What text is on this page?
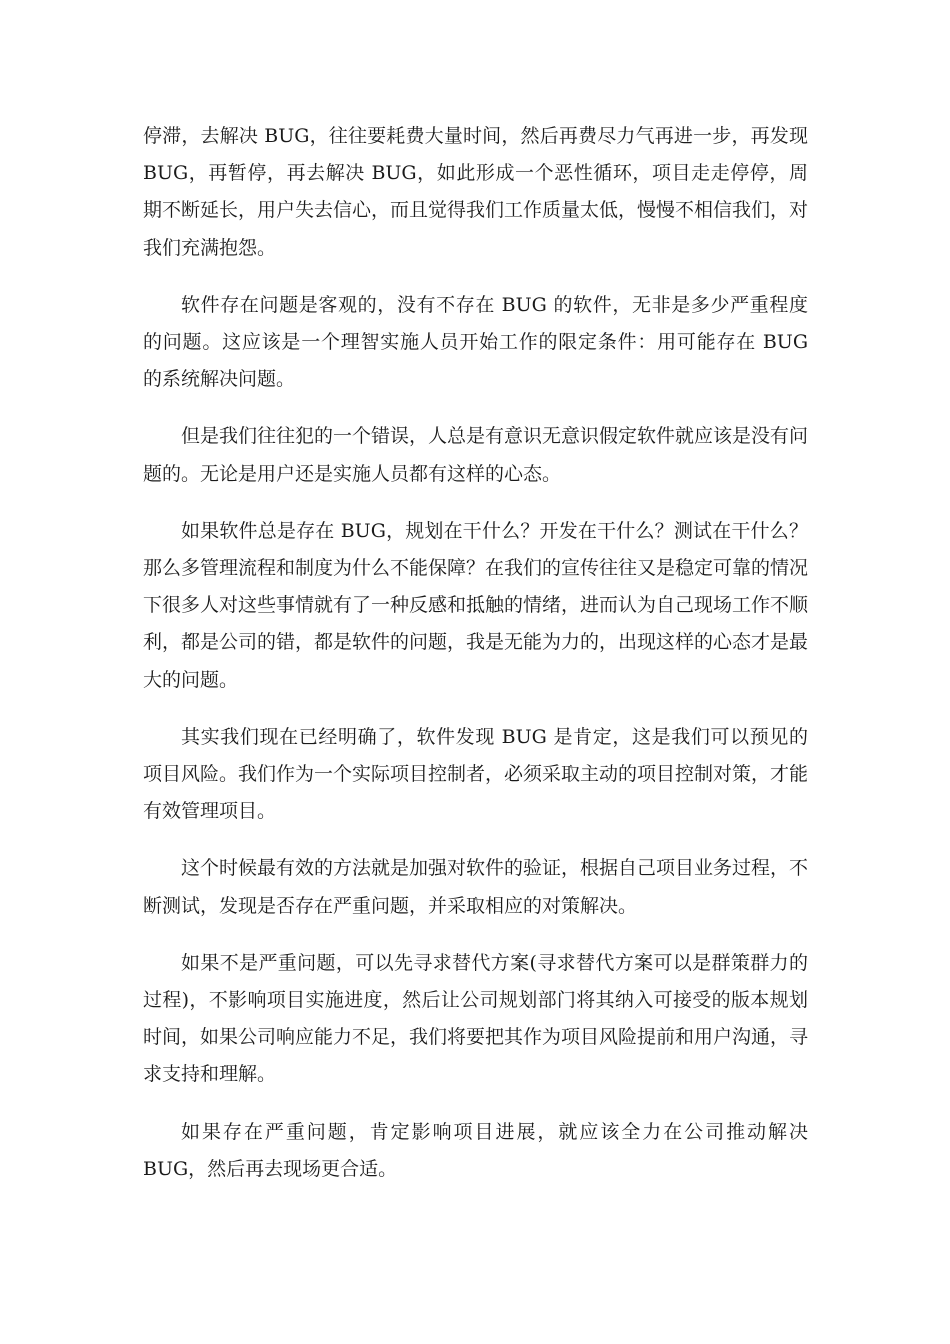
停滞，去解决 BUG，往往要耗费大量时间，然后再费尽力气再进一步，再发现 BUG，再暂停，再去解决 BUG，如此形成一个恶性循环，项目走走停停，周期不断延长，用户失去信心，而且觉得我们工作质量太低，慢慢不相信我们，对我们充满抱怨。

软件存在问题是客观的，没有不存在 BUG 的软件，无非是多少严重程度的问题。这应该是一个理智实施人员开始工作的限定条件：用可能存在 BUG 的系统解决问题。

但是我们往往犯的一个错误，人总是有意识无意识假定软件就应该是没有问题的。无论是用户还是实施人员都有这样的心态。

如果软件总是存在 BUG，规划在干什么？开发在干什么？测试在干什么？那么多管理流程和制度为什么不能保障？在我们的宣传往往又是稳定可靠的情况下很多人对这些事情就有了一种反感和抵触的情绪，进而认为自己现场工作不顺利，都是公司的错，都是软件的问题，我是无能为力的，出现这样的心态才是最大的问题。

其实我们现在已经明确了，软件发现 BUG 是肯定，这是我们可以预见的项目风险。我们作为一个实际项目控制者，必须采取主动的项目控制对策，才能有效管理项目。

这个时候最有效的方法就是加强对软件的验证，根据自己项目业务过程，不断测试，发现是否存在严重问题，并采取相应的对策解决。

如果不是严重问题，可以先寻求替代方案(寻求替代方案可以是群策群力的过程)，不影响项目实施进度，然后让公司规划部门将其纳入可接受的版本规划时间，如果公司响应能力不足，我们将要把其作为项目风险提前和用户沟通，寻求支持和理解。

如果存在严重问题，肯定影响项目进展，就应该全力在公司推动解决 BUG，然后再去现场更合适。
